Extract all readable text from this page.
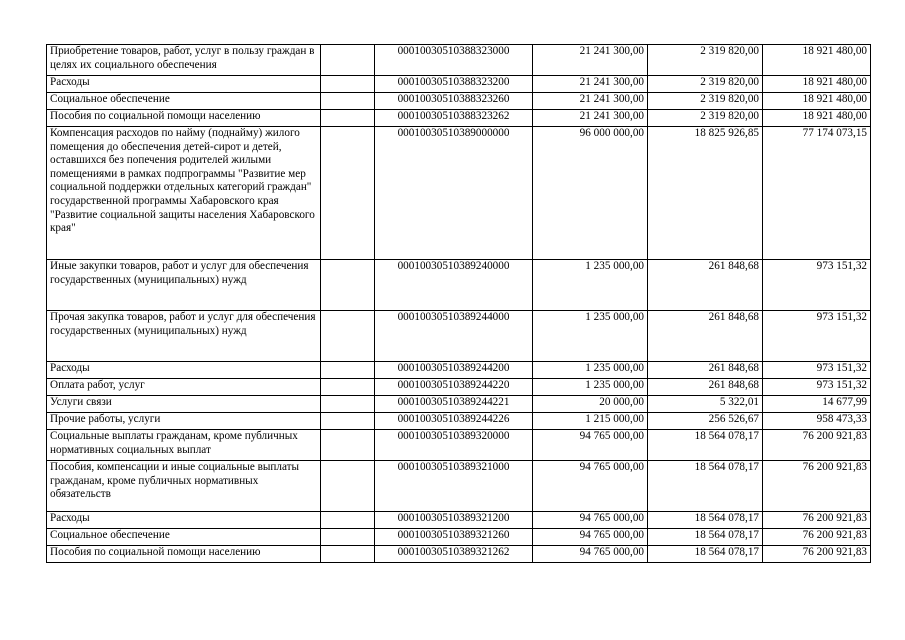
Приобретение товаров, работ, услуг в пользу граждан в целях их социального обеспечения		00010030510388323000	21 241 300,00	2 319 820,00	18 921 480,00
Расходы		00010030510388323200	21 241 300,00	2 319 820,00	18 921 480,00
Социальное обеспечение		00010030510388323260	21 241 300,00	2 319 820,00	18 921 480,00
Пособия по социальной помощи населению		00010030510388323262	21 241 300,00	2 319 820,00	18 921 480,00
Компенсация расходов по найму (поднайму) жилого помещения до обеспечения детей-сирот и детей, оставшихся без попечения родителей жилыми помещениями в рамках подпрограммы "Развитие мер социальной поддержки отдельных категорий граждан" государственной программы Хабаровского края "Развитие социальной защиты населения Хабаровского края"		00010030510389000000	96 000 000,00	18 825 926,85	77 174 073,15
Иные закупки товаров, работ и услуг для обеспечения государственных (муниципальных) нужд		00010030510389240000	1 235 000,00	261 848,68	973 151,32
Прочая закупка товаров, работ и услуг для обеспечения государственных (муниципальных) нужд		00010030510389244000	1 235 000,00	261 848,68	973 151,32
Расходы		00010030510389244200	1 235 000,00	261 848,68	973 151,32
Оплата работ, услуг		00010030510389244220	1 235 000,00	261 848,68	973 151,32
Услуги связи		00010030510389244221	20 000,00	5 322,01	14 677,99
Прочие работы, услуги		00010030510389244226	1 215 000,00	256 526,67	958 473,33
Социальные выплаты гражданам, кроме публичных нормативных социальных выплат		00010030510389320000	94 765 000,00	18 564 078,17	76 200 921,83
Пособия, компенсации и иные социальные выплаты гражданам, кроме публичных нормативных обязательств		00010030510389321000	94 765 000,00	18 564 078,17	76 200 921,83
Расходы		00010030510389321200	94 765 000,00	18 564 078,17	76 200 921,83
Социальное обеспечение		00010030510389321260	94 765 000,00	18 564 078,17	76 200 921,83
Пособия по социальной помощи населению		00010030510389321262	94 765 000,00	18 564 078,17	76 200 921,83
